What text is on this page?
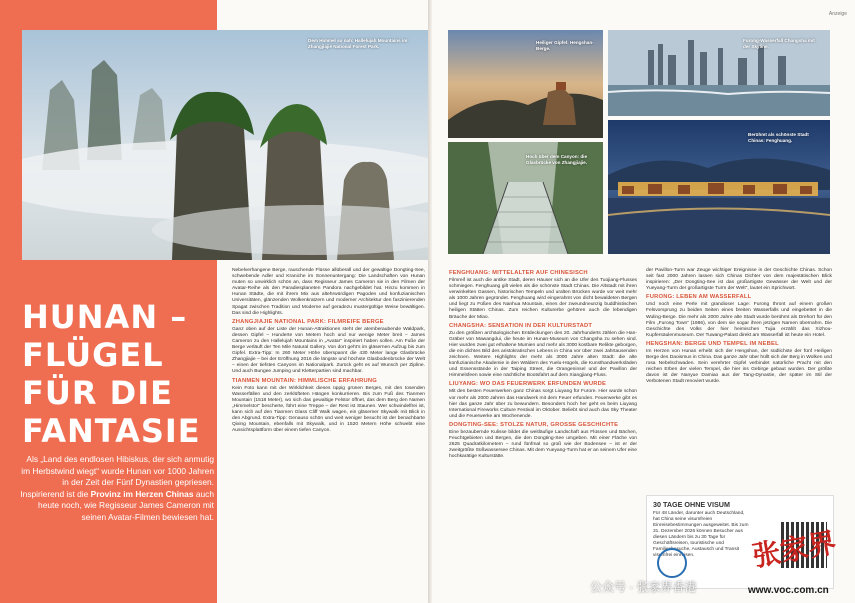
Dem Himmel so nah: Hallelujah Mountains im Zhangjiajie National Forest Park.
HUNAN –
FLÜGEL
FÜR DIE
FANTASIE
Als „Land des endlosen Hibiskus, der sich anmutig im Herbstwind wiegt“ wurde Hunan vor 1000 Jahren in der Zeit der Fünf Dynastien gepriesen. Inspirierend ist die Provinz im Herzen Chinas auch heute noch, wie Regisseur James Cameron mit seinen Avatar-Filmen bewiesen hat.

Nebelverhangene Berge, rauschende Flüsse allüberall und der gewaltige Dongting-See, schwebende Adler und Kraniche im Sonnenuntergang: Die Landschaften von Hunan muten so unwirklich schön an, dass Regisseur James Cameron sie in den Filmen der Avatar-Reihe als den Paradiesplaneten Pandora nachgebildet hat. Hinzu kommen in Hunan Städte, die mit ihrem Mix aus altehrwürdigen Pagoden und konfuzianischen Universitäten, glänzenden Wolkenkratzern und moderner Architektur den faszinierenden Spagat zwischen Tradition und Moderne auf geradezu mustergültige Weise bewältigen. Das sind die Highlights.

ZHANGJIAJIE NATIONAL PARK: FILMREIFE BERGE

Ganz oben auf der Liste der Hunan-Attraktionen steht der atemberaubende Waldpark, dessen Gipfel – Hunderte von Metern hoch und nur wenige Meter breit – James Cameron zu den Hallelujah Mountains in „Avatar“ inspiriert haben sollen. Am Fuße der Berge verläuft der Ten Mile Natural Gallery. Von dort geht's im gläsernen Aufzug bis zum Gipfel. Extra-Tipp: In 260 Meter Höhe überspannt die 430 Meter lange Glasbrücke Zhangjiajie – bei der Eröffnung 2016 die längste und höchste Glasbodenbrücke der Welt – einen der tiefsten Canyons im Nationalpark. Zurück geht es auf Wunsch per Zipline. Und auch Bungee Jumping und Kletterpartien sind machbar.

TIANMEN MOUNTAIN: HIMMLISCHE ERFAHRUNG

Kein Foto kann mit der Wirklichkeit dieses üppig grünen Berges, mit den tosenden Wasserfällen und den zerklüfteten Hängen konkurrieren. Bis zum Fuß des Tianmen Mountain (1518 Meter), wo sich das gewaltige Felstor öffnet, das dem Berg den Namen „Himmelstor“ bescherte, führt eine Treppe – der Rest ist Staunen. Wer schwindelfrei ist, kann sich auf den Tianmen Glass Cliff Walk wagen, ein gläserner Skywalk mit Blick in den Abgrund. Extra-Tipp: Genauso schön und weit weniger besucht ist der benachbarte Qixing Mountain, ebenfalls mit Skywalk, und in 1520 Metern Höhe schwebt eine Aussichtsplattform über einem tiefen Canyon.

Anzeige
Heiliger Gipfel: Hengshan-Berge.
Furong-Wasserfall Changsha mit der Skyline.
Hoch über dem Canyon: die Glasbrücke von Zhangjiajie.
Berühmt als schönste Stadt Chinas: Fenghuang.
FENGHUANG: MITTELALTER AUF CHINESISCH

Filmreif ist auch die antike Stadt, deren Häuser sich an die Ufer des Tuojiang-Flusses schmiegen. Fenghuang gilt vielen als die schönste Stadt Chinas. Die Altstadt mit ihren verwinkelten Gassen, historischen Tempeln und uralten Brücken wurde vor weit mehr als 1000 Jahren gegründet. Fenghuang wird eingerahmt von dicht bewaldeten Bergen und liegt zu Füßen des Nanhua Mountain, eines der zweundneunzig buddhistischen heiligen Stätten Chinas. Zum reichen Kulturerbe gehören auch die lebendigen Bräuche der Miao.

CHANGSHA: SENSATION IN DER KULTURSTADT

Zu den größten archäologischen Entdeckungen des 20. Jahrhunderts zählen die Han-Gräber von Mawangdui, die heute im Hunan-Museum von Changsha zu sehen sind. Hier wurden zwei gut erhaltene Mumien und mehr als 3000 kostbare Relikte geborgen, die ein dichtes Bild des aristokratischen Lebens in China vor über zwei Jahrtausenden zeichnen. Weitere Highlights der mehr als 3000 Jahre alten Stadt: die alte konfuzianische Akademie in den Wäldern des Yuelu-Hügels, die Kunsthandwerksläden und Essensstände in der Taiping Street, die Orangeninsel und der Pavillon der Himmelsfeen sowie eine nächtliche Bootsfahrt auf dem Xiangjiang-Fluss.

LIUYANG: WO DAS FEUERWERK ERFUNDEN WURDE

Mit den besten Feuerwerken ganz Chinas sorgt Liuyang für Furore. Hier wurde schon vor mehr als 2000 Jahren das Handwerk mit dem Feuer erfunden. Feuerwerke gibt es hier das ganze Jahr über zu bewundern. Besonders hoch her geht es beim Liuyang International Fireworks Culture Festival im Oktober. Beliebt sind auch das Sky Theater und die Feuerwerke am Wochenende.

DONGTING-SEE: STOLZE NATUR, GROSSE GESCHICHTE

Eine bezaubernde Kulisse bildet die weitläufige Landschaft aus Flüssen und Bächen, Feuchtgebieten und Bergen, die den Dongting-See umgeben. Mit einer Fläche von 2625 Quadratkilometern – rund fünfmal so groß wie der Bodensee – ist er der zweitgrößte Süßwassersee Chinas. Mit dem Yueyang-Turm hat er an seinem Ufer eine hochkarätige Kulturstätte.

der Pavillon-Turm war Zeuge wichtiger Ereignisse in der Geschichte Chinas. Schon seit fast 2000 Jahren lassen sich Chinas Dichter von dem majestätischen Blick inspirieren: „Der Dongting-See ist das großartigste Gewässer der Welt und der Yueyang-Turm der großartigste Turm der Welt“, lautet ein Sprichwort.

FURONG: LEBEN AM WASSERFALL

Und noch eine Perle mit grandioser Lage: Furong thront auf einem großen Felsvorsprung zu beiden Seiten eines breiten Wasserfalls und eingebettet in die Wuling-Berge. Die mehr als 2000 Jahre alte Stadt wurde berühmt als Drehort für den Film „Furong Town“ (1986), von dem sie sogar ihren jetzigen Namen übernahm. Die Geschichte des Volks der hier heimischen Tujia erzählt das Xizhou-Kupfersäulenmuseum. Der Tuwang-Palast direkt am Wasserfall ist heute ein Hotel.

HENGSHAN: BERGE UND TEMPEL IM NEBEL

Im Herzen von Hunan erhebt sich der Hengshan, der südlichste der fünf Heiligen Berge des Daoismus in China. Das ganze Jahr über hüllt sich der Berg in Wolken und rosa Nebelschwaden. Sein verehrter Gipfel verbindet natürliche Pracht mit den reichen Erben der vielen Tempel, die hier ins Gebirge gebaut wurden. Der größte davon ist der Nanyue Damiao aus der Tang-Dynastie, der später im Stil der Verbotenen Stadt renoviert wurde.

30 TAGE OHNE VISUM
Für 48 Länder, darunter auch Deutschland, hat China seine visumfreien Einreisebestimmungen ausgeweitet. Bis zum 31. Dezember 2026 können Besucher aus diesen Ländern bis zu 30 Tage für Geschäftsreisen, touristische und Familienbesuche, Austausch und Transit visumfrei einreisen.	张家界
公众号 · 张家界香港	www.voc.com.cn
